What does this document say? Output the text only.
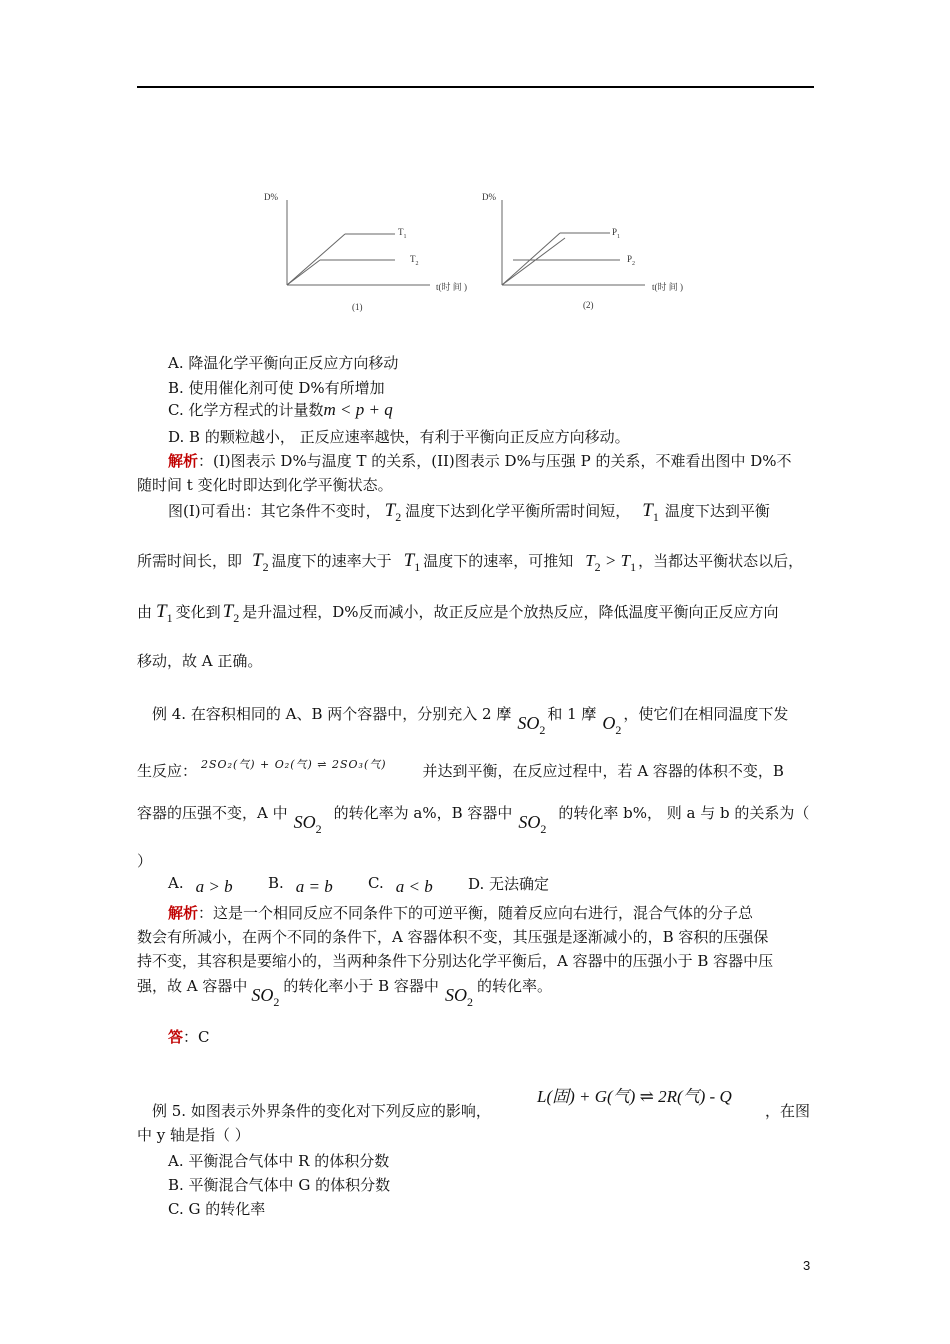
D%
t(时 间 )
$T_1$
$T_2$
(1)
D%
t(时 间 )
$P_1$
$P_2$
(2)
A. 降温化学平衡向正反应方向移动
B. 使用催化剂可使 D%有所增加
C. 化学方程式的计量数m < p + q
D. B 的颗粒越小， 正反应速率越快，有利于平衡向正反应方向移动。
解析：(I)图表示 D%与温度 T 的关系，(II)图表示 D%与压强 P 的关系，不难看出图中 D%不
随时间 t 变化时即达到化学平衡状态。
图(I)可看出：其它条件不变时， $T_2$ 温度下达到化学平衡所需时间短， $T_1$ 温度下达到平衡
所需时间长，即 $T_2$ 温度下的速率大于 $T_1$ 温度下的速率，可推知 $T_2 > T_1$ ，当都达平衡状态以后，
由 $T_1$ 变化到 $T_2$ 是升温过程，D%反而减小，故正反应是个放热反应，降低温度平衡向正反应方向
移动，故 A 正确。
例 4. 在容积相同的 A、B 两个容器中，分别充入 2 摩 $SO_2$和 1 摩 $O_2$，使它们在相同温度下发
生反应： $^{2SO_2(气) + O_2(气) \rightleftharpoons 2SO_3(气)}$ 并达到平衡，在反应过程中，若 A 容器的体积不变，B
容器的压强不变，A 中 $SO_2$的转化率为 a%，B 容器中 $SO_2$的转化率 b%， 则 a 与 b 的关系为（
）
A. a > b B. a = b C. a < b D. 无法确定
解析：这是一个相同反应不同条件下的可逆平衡，随着反应向右进行，混合气体的分子总
数会有所减小，在两个不同的条件下，A 容器体积不变，其压强是逐渐减小的，B 容积的压强保
持不变，其容积是要缩小的，当两种条件下分别达化学平衡后，A 容器中的压强小于 B 容器中压
强，故 A 容器中 $SO_2$的转化率小于 B 容器中 $SO_2$的转化率。
答：C
例 5. 如图表示外界条件的变化对下列反应的影响，
L(固) + G(气) ⇌ 2R(气) - Q
，在图
中 y 轴是指（ ）
A. 平衡混合气体中 R 的体积分数
B. 平衡混合气体中 G 的体积分数
C. G 的转化率
3
